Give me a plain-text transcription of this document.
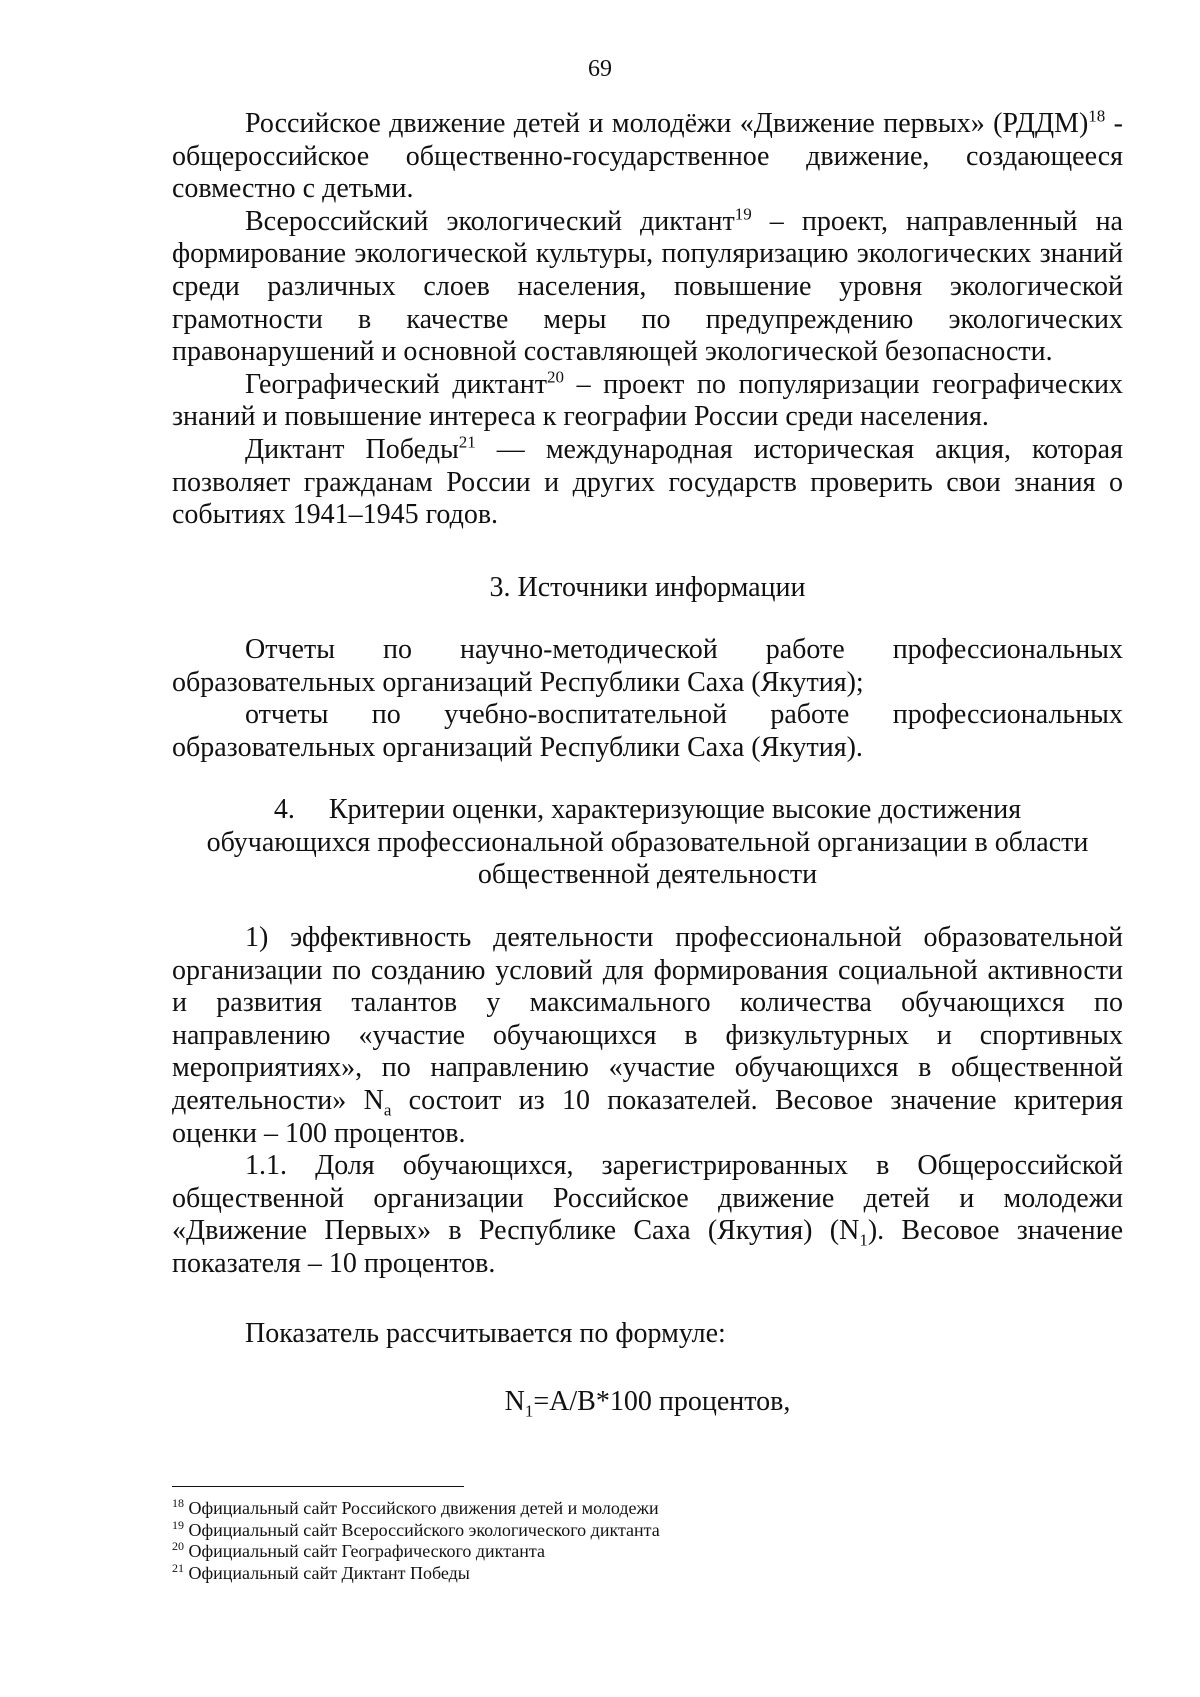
69

Российское движение детей и молодёжи «Движение первых» (РДДМ)$^{18}$ - общероссийское общественно-государственное движение, создающееся совместно с детьми.

Всероссийский экологический диктант$^{19}$ – проект, направленный на формирование экологической культуры, популяризацию экологических знаний среди различных слоев населения, повышение уровня экологической грамотности в качестве меры по предупреждению экологических правонарушений и основной составляющей экологической безопасности.

Географический диктант$^{20}$ – проект по популяризации географических знаний и повышение интереса к географии России среди населения.

Диктант Победы$^{21}$ — международная историческая акция, которая позволяет гражданам России и других государств проверить свои знания о событиях 1941–1945 годов.

3. Источники информации

Отчеты по научно-методической работе профессиональных образовательных организаций Республики Саха (Якутия);

отчеты по учебно-воспитательной работе профессиональных образовательных организаций Республики Саха (Якутия).

4. Критерии оценки, характеризующие высокие достижения

обучающихся профессиональной образовательной организации в области

общественной деятельности

1) эффективность деятельности профессиональной образовательной организации по созданию условий для формирования социальной активности и развития талантов у максимального количества обучающихся по направлению «участие обучающихся в физкультурных и спортивных мероприятиях», по направлению «участие обучающихся в общественной деятельности» $N_а$ состоит из 10 показателей. Весовое значение критерия оценки – 100 процентов.

1.1. Доля обучающихся, зарегистрированных в Общероссийской общественной организации Российское движение детей и молодежи «Движение Первых» в Республике Саха (Якутия) $(N_1)$. Весовое значение показателя – 10 процентов.

Показатель рассчитывается по формуле:

$N_1=A/B*100$ процентов,

$^{18}$ Официальный сайт Российского движения детей и молодежи

$^{19}$ Официальный сайт Всероссийского экологического диктанта

$^{20}$ Официальный сайт Географического диктанта

$^{21}$ Официальный сайт Диктант Победы
